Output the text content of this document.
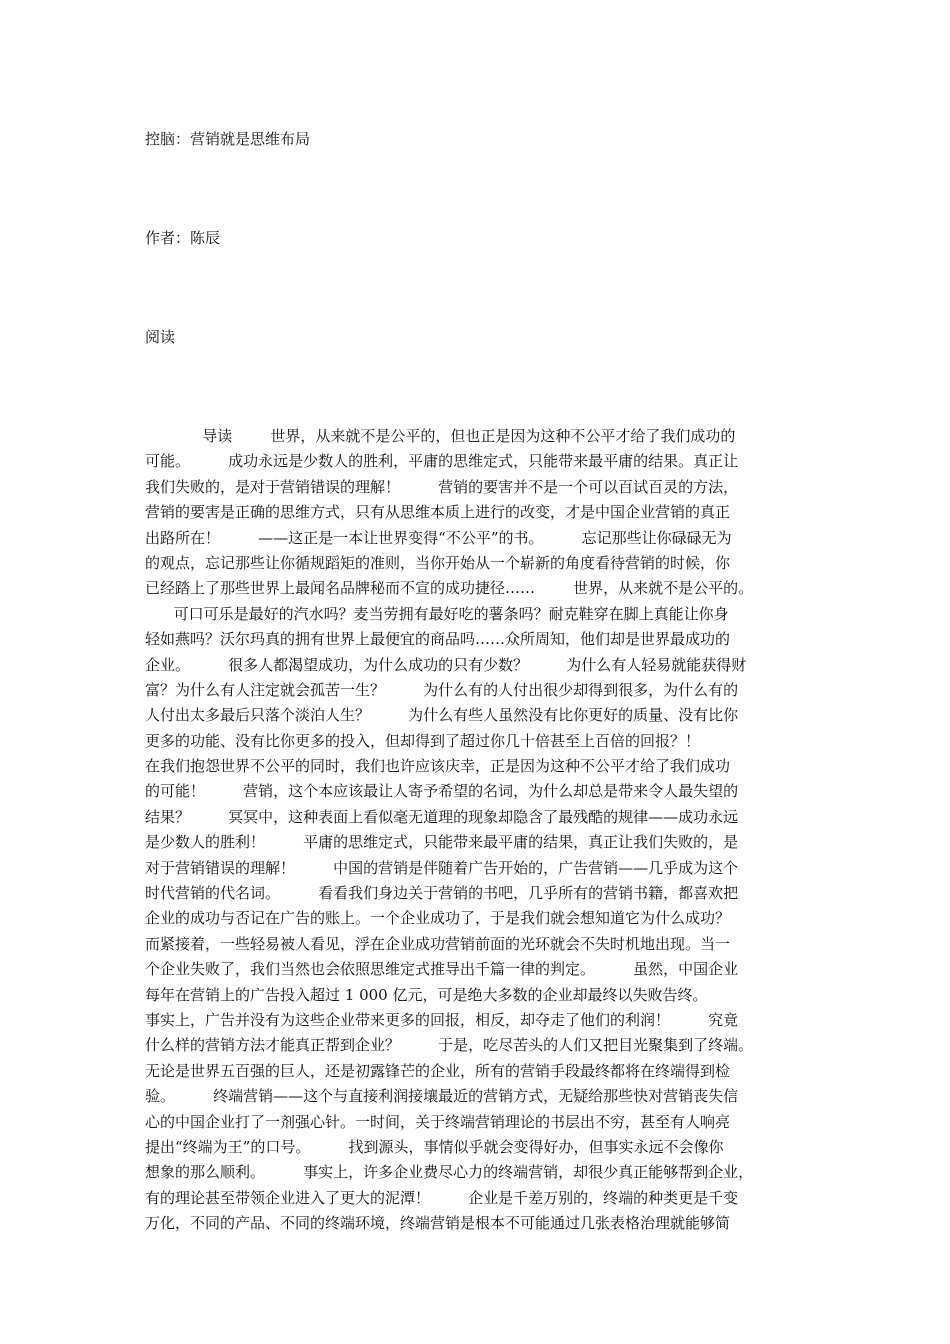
控脑：营销就是思维布局
作者：陈辰
阅读
导读        世界，从来就不是公平的，但也正是因为这种不公平才给了我们成功的
可能。        成功永远是少数人的胜利，平庸的思维定式，只能带来最平庸的结果。真正让
我们失败的，是对于营销错误的理解！        营销的要害并不是一个可以百试百灵的方法，
营销的要害是正确的思维方式，只有从思维本质上进行的改变，才是中国企业营销的真正
出路所在！        ——这正是一本让世界变得“不公平”的书。        忘记那些让你碌碌无为
的观点，忘记那些让你循规蹈矩的准则，当你开始从一个崭新的角度看待营销的时候，你
已经踏上了那些世界上最闻名品牌秘而不宣的成功捷径……        世界，从来就不是公平的。
可口可乐是最好的汽水吗？麦当劳拥有最好吃的薯条吗？耐克鞋穿在脚上真能让你身
轻如燕吗？沃尔玛真的拥有世界上最便宜的商品吗……众所周知，他们却是世界最成功的
企业。        很多人都渴望成功，为什么成功的只有少数？        为什么有人轻易就能获得财
富？为什么有人注定就会孤苦一生？        为什么有的人付出很少却得到很多，为什么有的
人付出太多最后只落个淡泊人生？        为什么有些人虽然没有比你更好的质量、没有比你
更多的功能、没有比你更多的投入，但却得到了超过你几十倍甚至上百倍的回报？！
在我们抱怨世界不公平的同时，我们也许应该庆幸，正是因为这种不公平才给了我们成功
的可能！        营销，这个本应该最让人寄予希望的名词，为什么却总是带来令人最失望的
结果？        冥冥中，这种表面上看似毫无道理的现象却隐含了最残酷的规律——成功永远
是少数人的胜利！        平庸的思维定式，只能带来最平庸的结果，真正让我们失败的，是
对于营销错误的理解！        中国的营销是伴随着广告开始的，广告营销——几乎成为这个
时代营销的代名词。        看看我们身边关于营销的书吧，几乎所有的营销书籍，都喜欢把
企业的成功与否记在广告的账上。一个企业成功了，于是我们就会想知道它为什么成功？
而紧接着，一些轻易被人看见，浮在企业成功营销前面的光环就会不失时机地出现。当一
个企业失败了，我们当然也会依照思维定式推导出千篇一律的判定。        虽然，中国企业
每年在营销上的广告投入超过 1 000 亿元，可是绝大多数的企业却最终以失败告终。
事实上，广告并没有为这些企业带来更多的回报，相反，却夺走了他们的利润！        究竟
什么样的营销方法才能真正帮到企业？        于是，吃尽苦头的人们又把目光聚集到了终端。
无论是世界五百强的巨人，还是初露锋芒的企业，所有的营销手段最终都将在终端得到检
验。        终端营销——这个与直接利润接壤最近的营销方式，无疑给那些快对营销丧失信
心的中国企业打了一剂强心针。一时间，关于终端营销理论的书层出不穷，甚至有人响亮
提出“终端为王”的口号。        找到源头，事情似乎就会变得好办，但事实永远不会像你
想象的那么顺利。        事实上，许多企业费尽心力的终端营销，却很少真正能够帮到企业，
有的理论甚至带领企业进入了更大的泥潭！        企业是千差万别的，终端的种类更是千变
万化，不同的产品、不同的终端环境，终端营销是根本不可能通过几张表格治理就能够简
